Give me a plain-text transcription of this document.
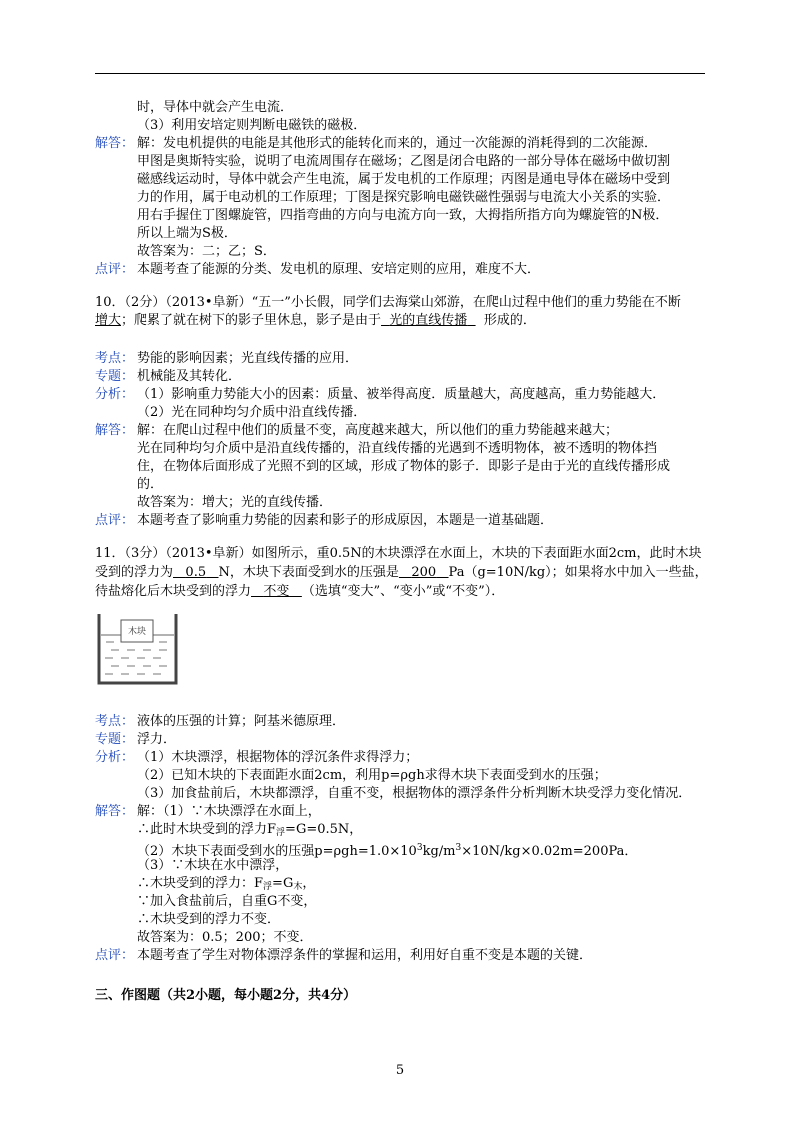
时，导体中就会产生电流．
（3）利用安培定则判断电磁铁的磁极．
解答： 解：发电机提供的电能是其他形式的能转化而来的，通过一次能源的消耗得到的二次能源．
甲图是奥斯特实验，说明了电流周围存在磁场；乙图是闭合电路的一部分导体在磁场中做切割
磁感线运动时，导体中就会产生电流，属于发电机的工作原理；丙图是通电导体在磁场中受到
力的作用，属于电动机的工作原理；丁图是探究影响电磁铁磁性强弱与电流大小关系的实验．
用右手握住丁图螺旋管，四指弯曲的方向与电流方向一致，大拇指所指方向为螺旋管的N极．
所以上端为S极．
故答案为：二；乙；S．
点评： 本题考查了能源的分类、发电机的原理、安培定则的应用，难度不大．
10．（2分）（2013•阜新）“五一”小长假，同学们去海棠山郊游，在爬山过程中他们的重力势能在不断
增大；爬累了就在树下的影子里休息，影子是由于 光的直线传播 形成的．
考点： 势能的影响因素；光直线传播的应用．
专题： 机械能及其转化．
分析： （1）影响重力势能大小的因素：质量、被举得高度．质量越大，高度越高，重力势能越大．
（2）光在同种均匀介质中沿直线传播．
解答： 解：在爬山过程中他们的质量不变，高度越来越大，所以他们的重力势能越来越大；
光在同种均匀介质中是沿直线传播的，沿直线传播的光遇到不透明物体，被不透明的物体挡
住，在物体后面形成了光照不到的区域，形成了物体的影子．即影子是由于光的直线传播形成
的．
故答案为：增大；光的直线传播．
点评： 本题考查了影响重力势能的因素和影子的形成原因，本题是一道基础题．
11．（3分）（2013•阜新）如图所示，重0.5N的木块漂浮在水面上，木块的下表面距水面2cm，此时木块
受到的浮力为 0.5 N，木块下表面受到水的压强是 200 Pa（g=10N/kg）；如果将水中加入一些盐，
待盐熔化后木块受到的浮力 不变 （选填“变大”、“变小”或“不变”）．
木块
考点： 液体的压强的计算；阿基米德原理．
专题： 浮力．
分析： （1）木块漂浮，根据物体的浮沉条件求得浮力；
（2）已知木块的下表面距水面2cm，利用p=ρgh求得木块下表面受到水的压强；
（3）加食盐前后，木块都漂浮，自重不变，根据物体的漂浮条件分析判断木块受浮力变化情况．
解答： 解：（1）∵木块漂浮在水面上，
∴此时木块受到的浮力$F_浮=G=0.5N$，
（2）木块下表面受到水的压强$p=\rho gh=1.0\times 10^3kg/m^3\times 10N/kg\times 0.02m=200Pa$．
（3）∵木块在水中漂浮，
∴木块受到的浮力：$F_浮=G_木$，
∵加入食盐前后，自重G不变，
∴木块受到的浮力不变．
故答案为：0.5；200；不变．
点评： 本题考查了学生对物体漂浮条件的掌握和运用，利用好自重不变是本题的关键．
三、作图题（共2小题，每小题2分，共4分）
5
